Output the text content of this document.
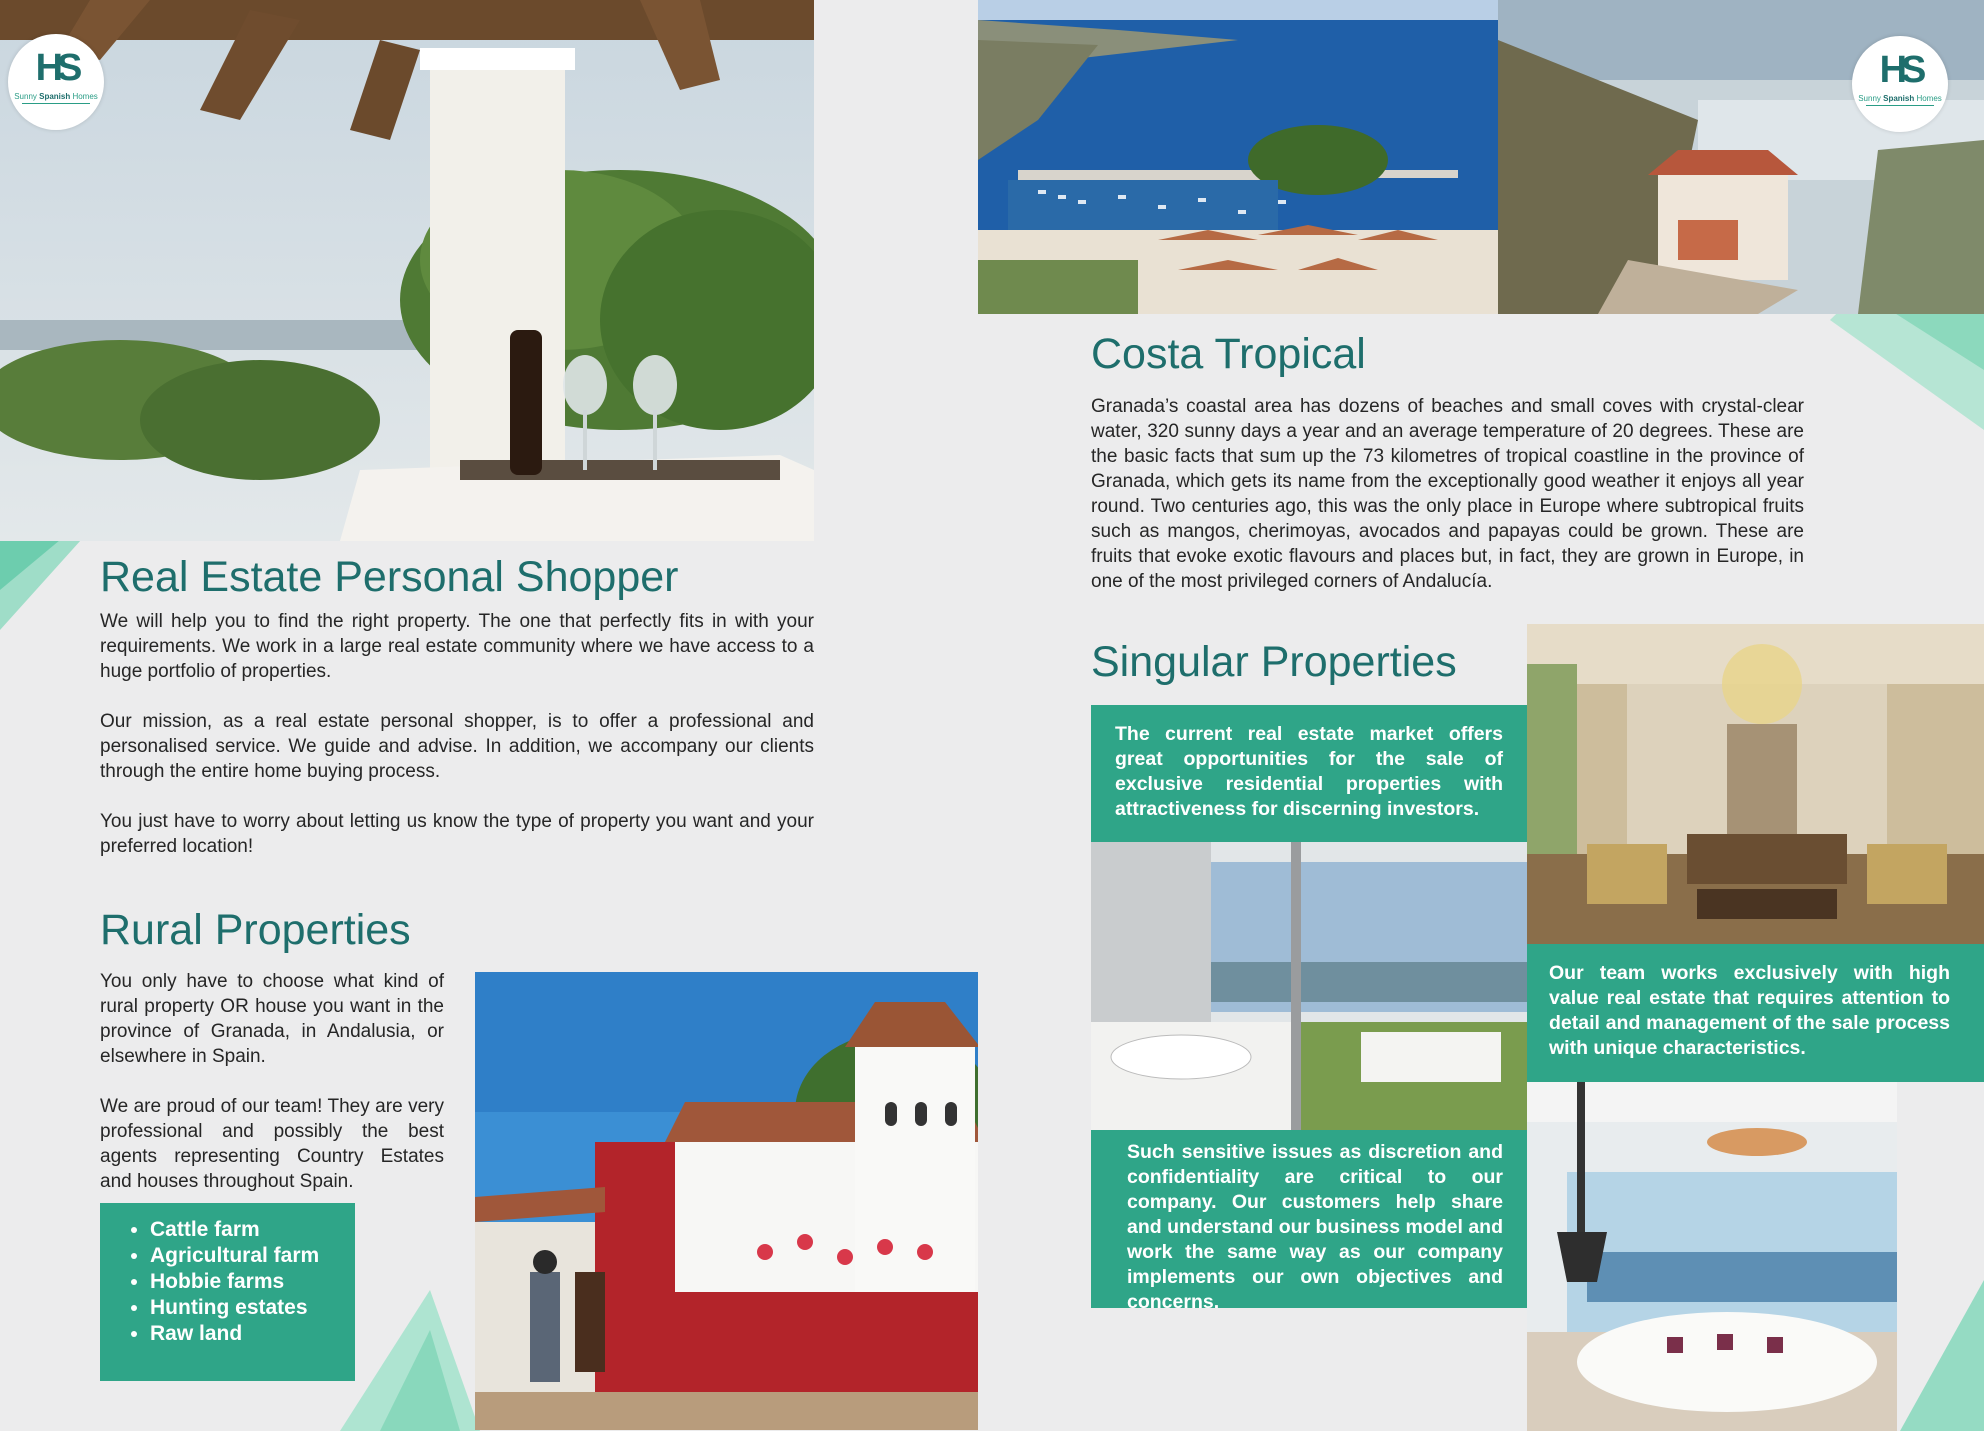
HS
Sunny Spanish Homes
Real Estate Personal Shopper

We will help you to find the right property. The one that perfectly fits in with your requirements. We work in a large real estate community where we have access to a huge portfolio of properties.

Our mission, as a real estate personal shopper, is to offer a professional and personalised service. We guide and advise. In addition, we accompany our clients through the entire home buying process.

You just have to worry about letting us know the type of property you want and your preferred location!

Rural Properties

You only have to choose what kind of rural property OR house you want in the province of Granada, in Andalusia, or elsewhere in Spain.

We are proud of our team! They are very professional and possibly the best agents representing Country Estates and houses throughout Spain.

• Cattle farm
• Agricultural farm
• Hobbie farms
• Hunting estates
• Raw land
HS
Sunny Spanish Homes
Costa Tropical

Granada’s coastal area has dozens of beaches and small coves with crystal-clear water, 320 sunny days a year and an average temperature of 20 degrees. These are the basic facts that sum up the 73 kilometres of tropical coastline in the province of Granada, which gets its name from the exceptionally good weather it enjoys all year round. Two centuries ago, this was the only place in Europe where subtropical fruits such as mangos, cherimoyas, avocados and papayas could be grown. These are fruits that evoke exotic flavours and places but, in fact, they are grown in Europe, in one of the most privileged corners of Andalucía.

Singular Properties
The current real estate market offers great opportunities for the sale of exclusive residential properties with attractiveness for discerning investors.
Our team works exclusively with high value real estate that requires attention to detail and management of the sale process with unique characteristics.
Such sensitive issues as discretion and confidentiality are critical to our company. Our customers help share and understand our business model and work the same way as our company implements our own objectives and concerns.
